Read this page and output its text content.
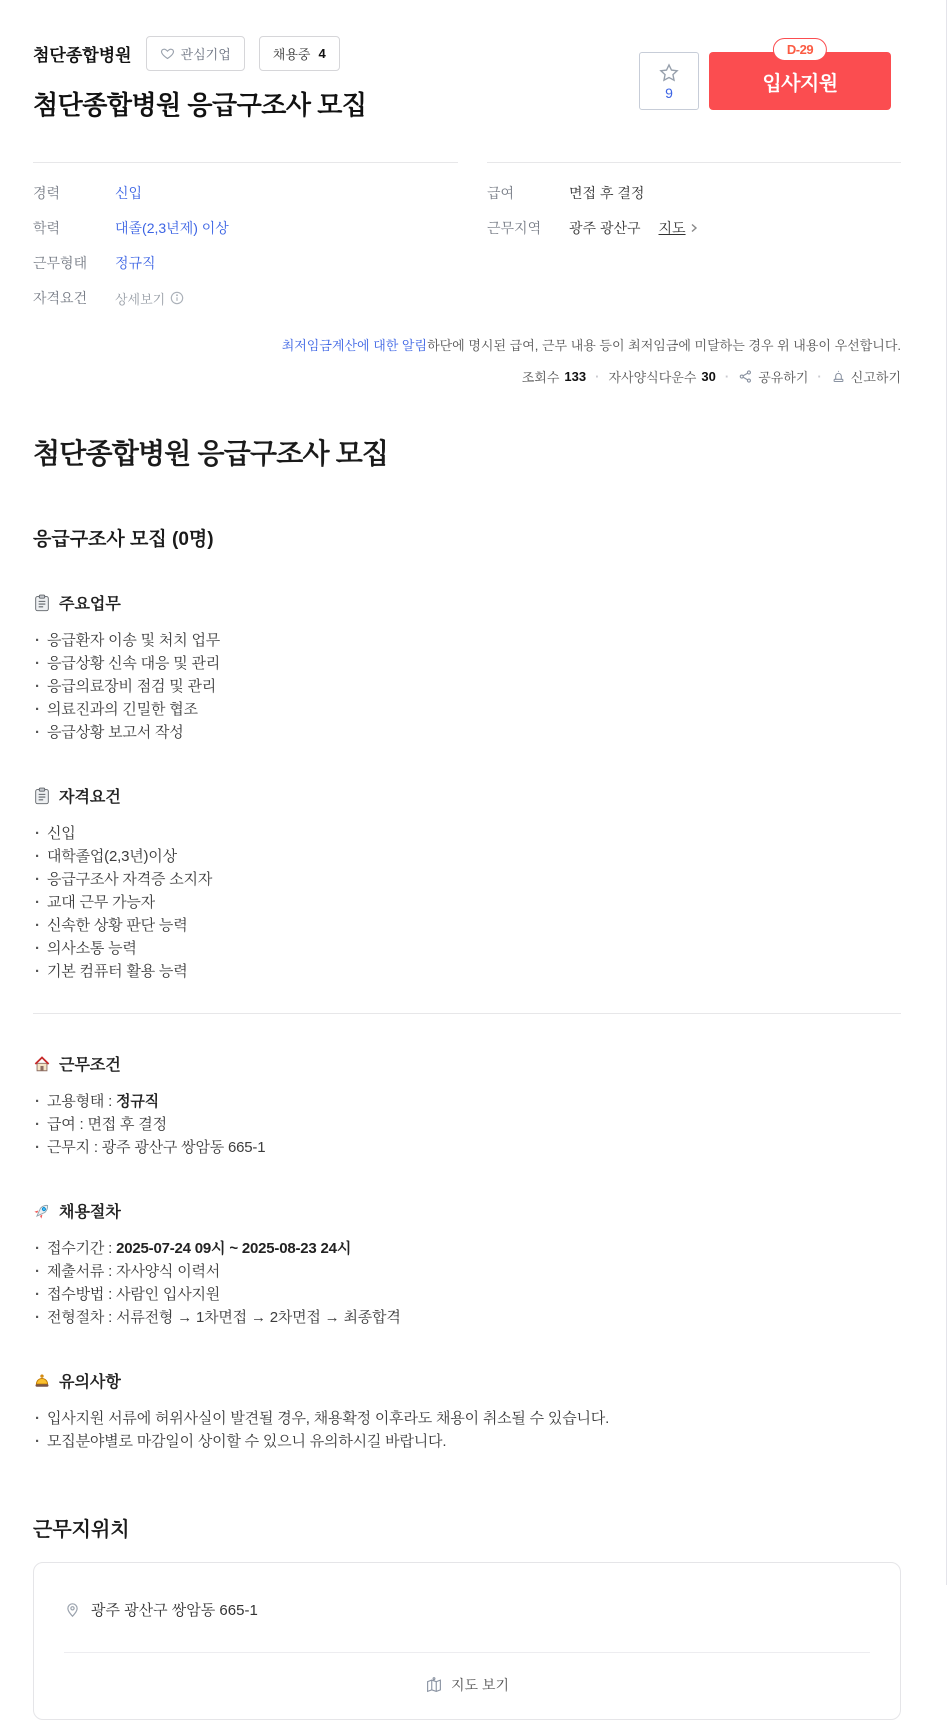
첨단종합병원	관심기업	채용중 4
첨단종합병원 응급구조사 모집	9
D-29
입사지원
경력	신입
학력	대졸(2,3년제) 이상
근무형태	정규직
자격요건	상세보기
급여	면접 후 결정
근무지역	광주 광산구 지도

최저임금계산에 대한 알림하단에 명시된 급여, 근무 내용 등이 최저임금에 미달하는 경우 위 내용이 우선합니다.

조회수 133 · 자사양식다운수 30 · 공유하기 · 신고하기
첨단종합병원 응급구조사 모집
응급구조사 모집 (0명)
주요업무
· 응급환자 이송 및 처치 업무
· 응급상황 신속 대응 및 관리
· 응급의료장비 점검 및 관리
· 의료진과의 긴밀한 협조
· 응급상황 보고서 작성
자격요건
· 신입
· 대학졸업(2,3년)이상
· 응급구조사 자격증 소지자
· 교대 근무 가능자
· 신속한 상황 판단 능력
· 의사소통 능력
· 기본 컴퓨터 활용 능력
근무조건
· 고용형태 : 정규직
· 급여 : 면접 후 결정
· 근무지 : 광주 광산구 쌍암동 665-1
채용절차
· 접수기간 : 2025-07-24 09시 ~ 2025-08-23 24시
· 제출서류 : 자사양식 이력서
· 접수방법 : 사람인 입사지원
· 전형절차 : 서류전형 → 1차면접 → 2차면접 → 최종합격
유의사항
· 입사지원 서류에 허위사실이 발견될 경우, 채용확정 이후라도 채용이 취소될 수 있습니다.
· 모집분야별로 마감일이 상이할 수 있으니 유의하시길 바랍니다.
근무지위치
광주 광산구 쌍암동 665-1
지도 보기
